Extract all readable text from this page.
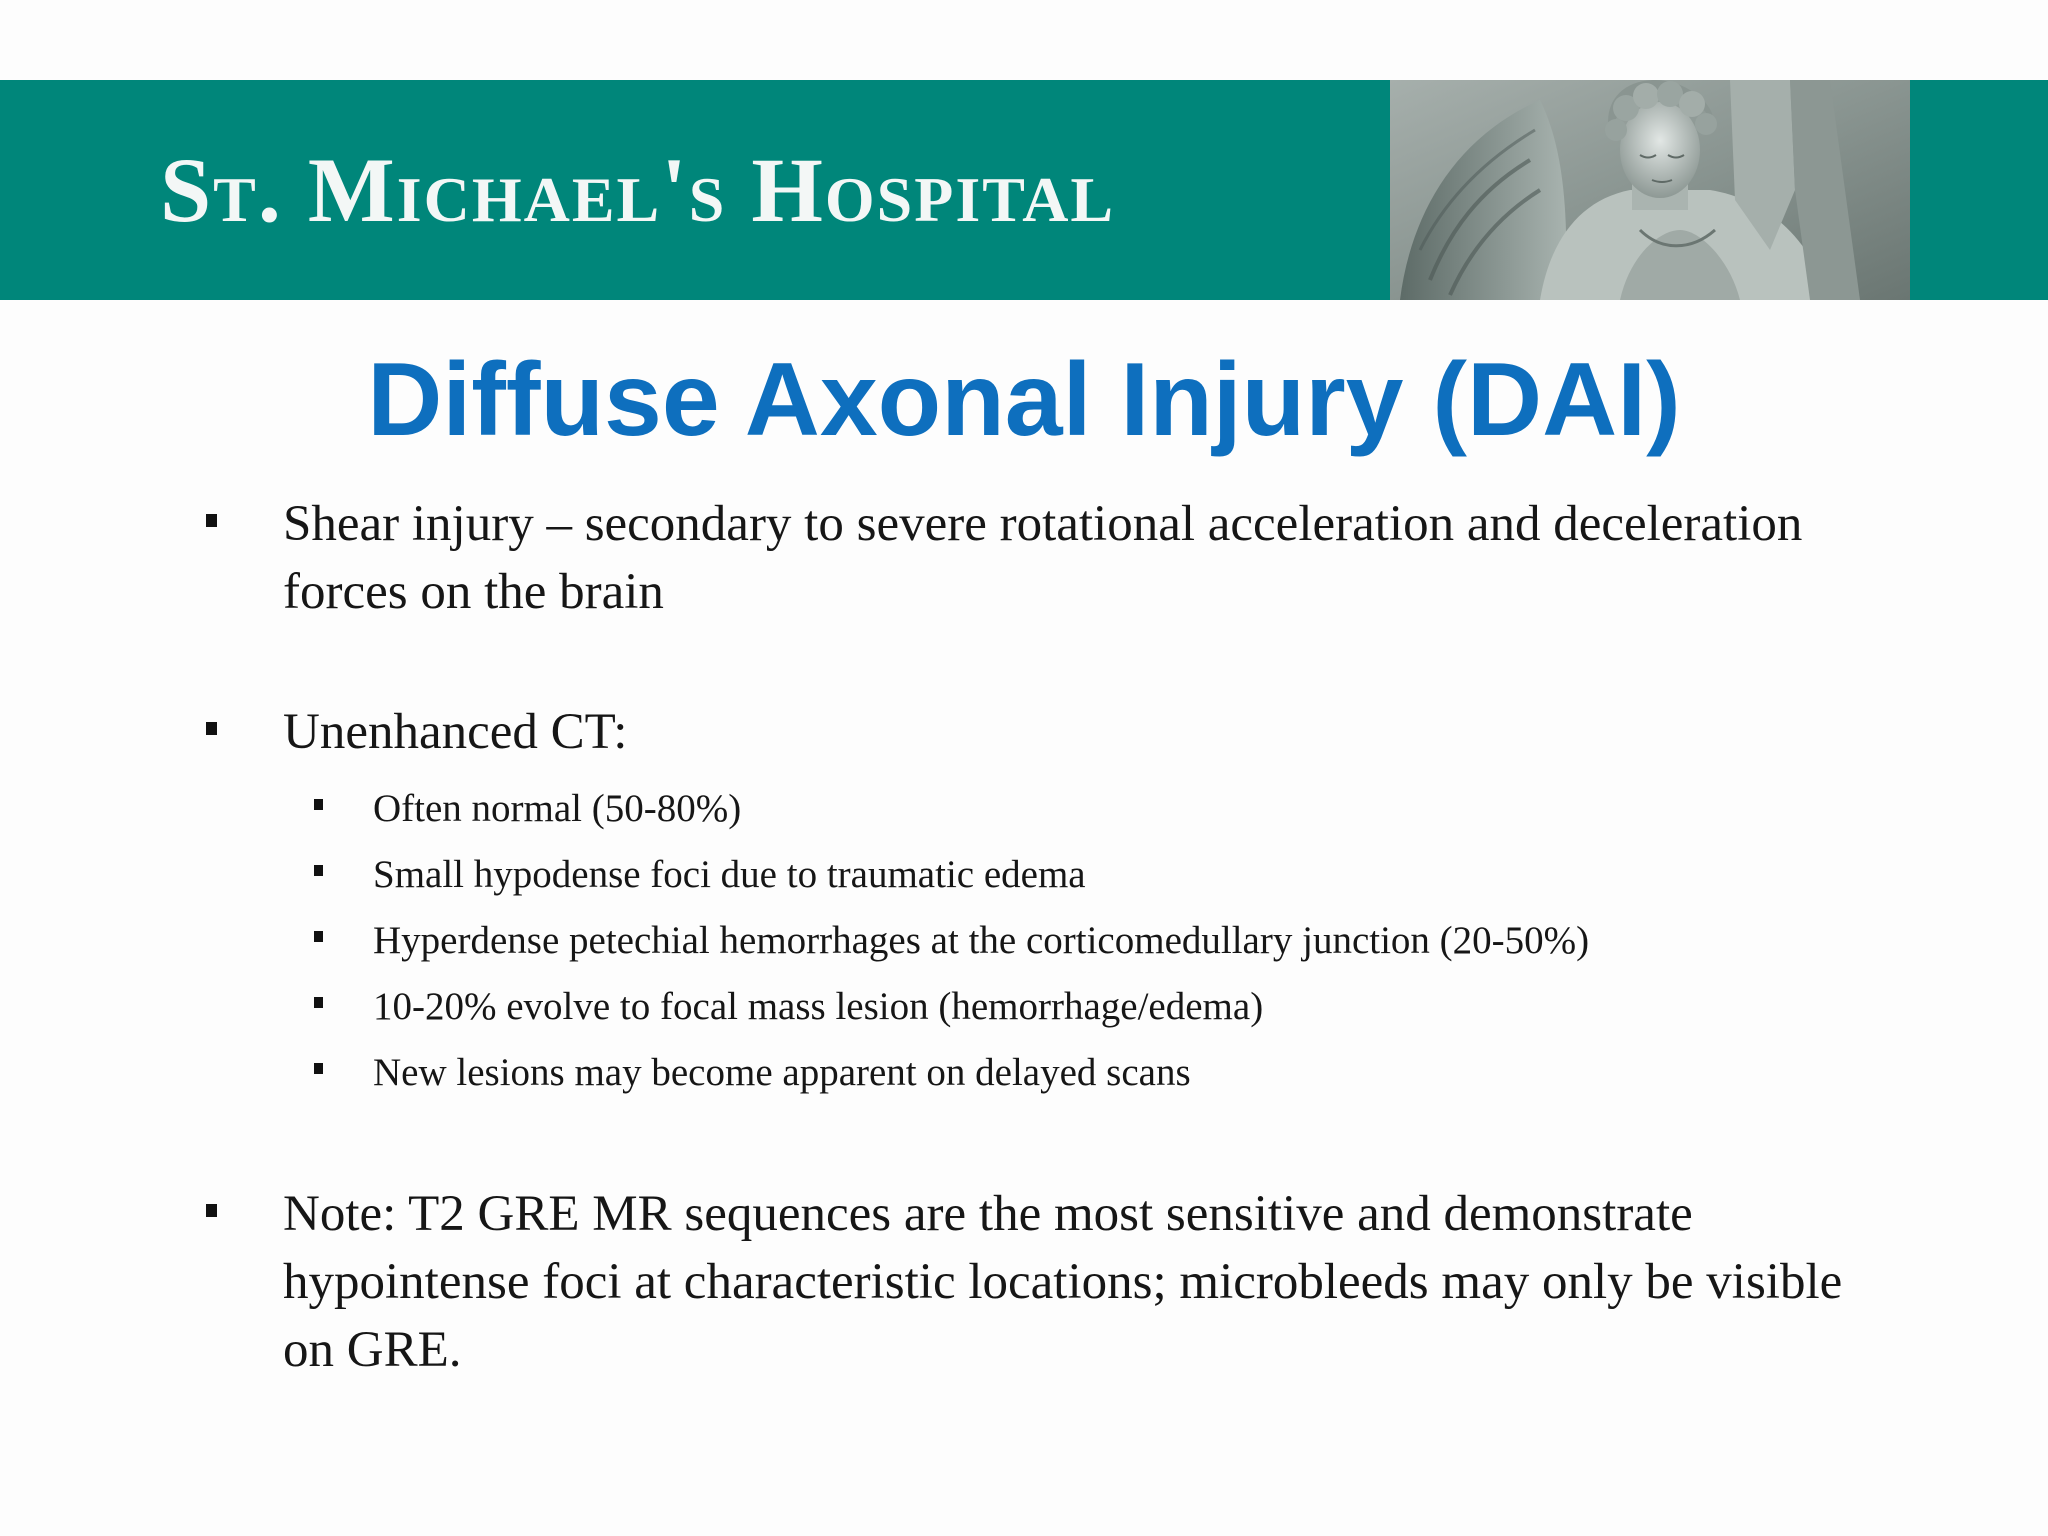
St. Michael's Hospital
Diffuse Axonal Injury (DAI)
Shear injury – secondary to severe rotational acceleration and deceleration forces on the brain
Unenhanced CT:
Often normal (50-80%)
Small hypodense foci due to traumatic edema
Hyperdense petechial hemorrhages at the corticomedullary junction (20-50%)
10-20% evolve to focal mass lesion (hemorrhage/edema)
New lesions may become apparent on delayed scans
Note: T2 GRE MR sequences are the most sensitive and demonstrate hypointense foci at characteristic locations; microbleeds may only be visible on GRE.
